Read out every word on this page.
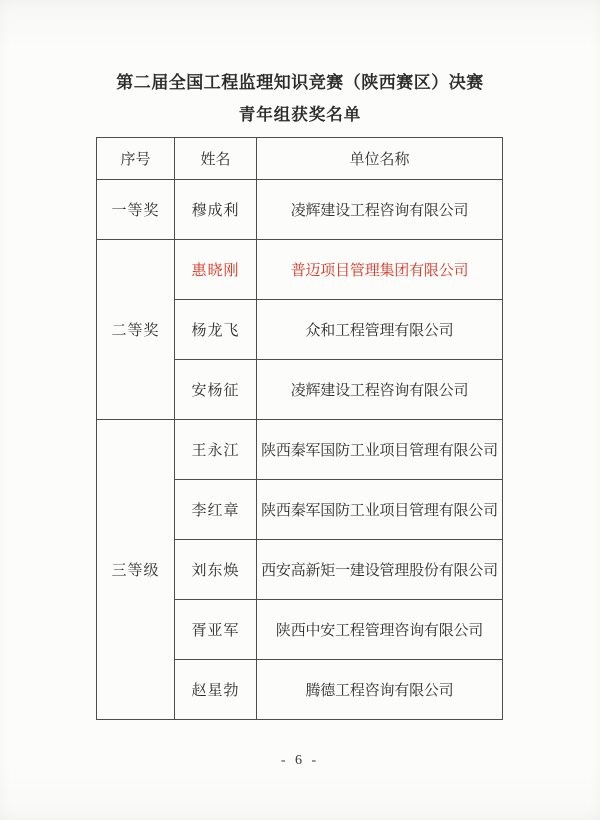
第二届全国工程监理知识竞赛（陕西赛区）决赛
青年组获奖名单
序号	姓名	单位名称
一等奖	穆成利	凌辉建设工程咨询有限公司
二等奖	惠晓刚	普迈项目管理集团有限公司
	杨龙飞	众和工程管理有限公司
	安杨征	凌辉建设工程咨询有限公司
三等级	王永江	陕西秦军国防工业项目管理有限公司
	李红章	陕西秦军国防工业项目管理有限公司
	刘东焕	西安高新矩一建设管理股份有限公司
	胥亚军	陕西中安工程管理咨询有限公司
	赵星勃	腾德工程咨询有限公司
- 6 -
